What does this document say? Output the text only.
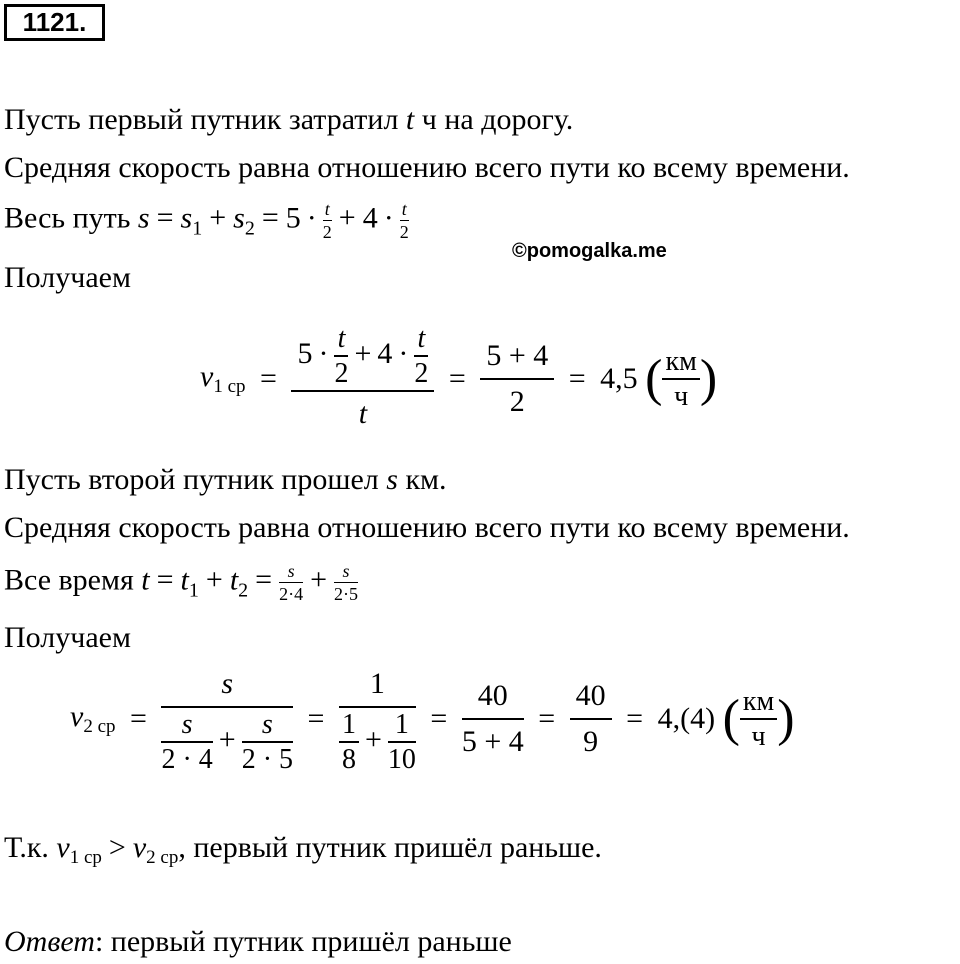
1121.
Пусть первый путник затратил t ч на дорогу.
Средняя скорость равна отношению всего пути ко всему времени.
Весь путь $s = s_1 + s_2 = 5 \cdot \frac{t}{2} + 4 \cdot \frac{t}{2}$
©pomogalka.me
Получаем
$v_{1 ср} = \frac{5 \cdot \frac{t}{2} + 4 \cdot \frac{t}{2}}{t} = \frac{5 + 4}{2} = 4,5$ ( $\frac{км}{ч}$ )
Пусть второй путник прошел s км.
Средняя скорость равна отношению всего пути ко всему времени.
Все время $t = t_1 + t_2 = \frac{s}{2\cdot 4} + \frac{s}{2\cdot 5}$
Получаем
$v_{2 ср} = \frac{s}{\frac{s}{2 \cdot 4} + \frac{s}{2 \cdot 5}} = \frac{1}{\frac{1}{8} + \frac{1}{10}} = \frac{40}{5 + 4} = \frac{40}{9} = 4,(4)$ ( $\frac{км}{ч}$ )
Т.к. $v_{1 ср} > v_{2 ср}$, первый путник пришёл раньше.
Ответ: первый путник пришёл раньше
